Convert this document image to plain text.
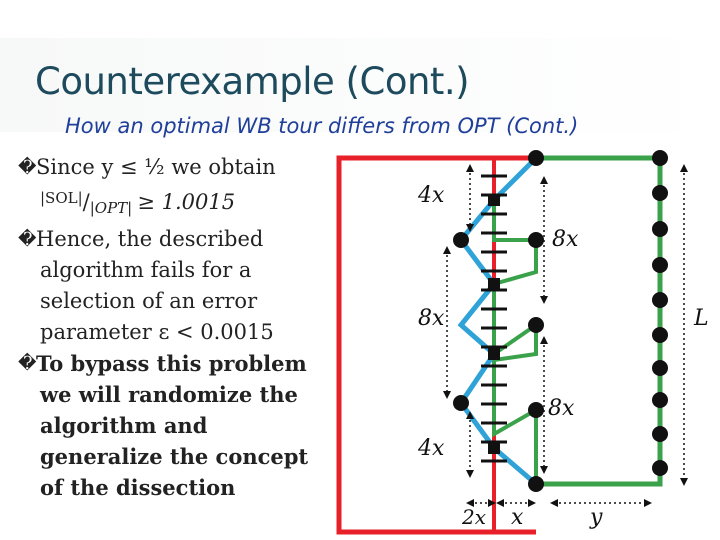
Counterexample (Cont.)
How an optimal WB tour differs from OPT (Cont.)
� Since y ≤ ½ we obtain
|SOL|/|OPT| ≥ 1.0015
� Hence, the described
algorithm fails for a
selection of an error
parameter ε < 0.0015
� To bypass this problem
we will randomize the
algorithm and
generalize the concept
of the dissection
4x
8x
8x	L
8x
4x
2x x	y
